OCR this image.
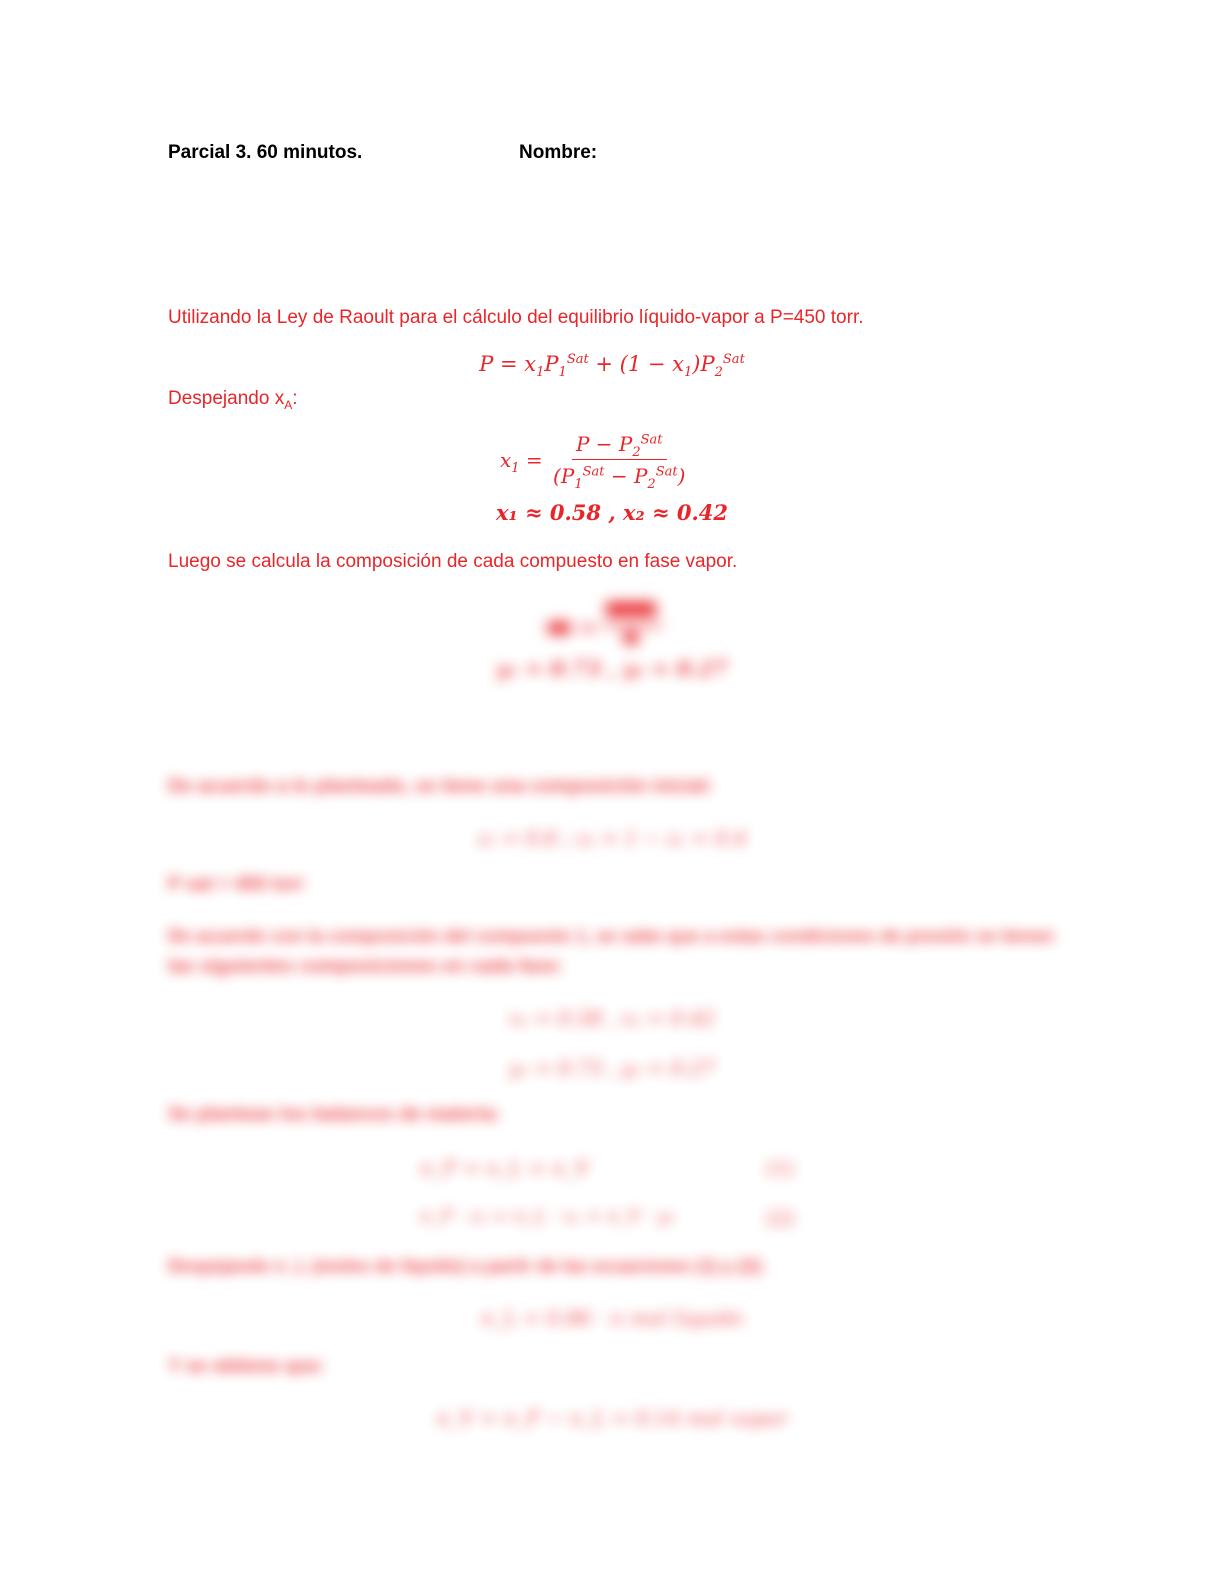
Parcial 3. 60 minutos.	Nombre:
Utilizando la Ley de Raoult para el cálculo del equilibrio líquido-vapor a P=450 torr.
$P = x_1P_1^{Sat} + (1 - x_1)P_2^{Sat}$
Despejando $x_A$:
$x_1 = \frac{P - P_2^{Sat}}{(P_1^{Sat} - P_2^{Sat})}$
x₁ ≈ 0.58 , x₂ ≈ 0.42
Luego se calcula la composición de cada compuesto en fase vapor.
y₁ ≈ 0.73 , y₂ ≈ 0.27
De acuerdo a lo planteado, se tiene una composición inicial:
z₁ = 0.6 ; z₂ = 1 − z₁ = 0.4
P sat = 450 torr
De acuerdo con la composición del compuesto 1, se sabe que a estas condiciones de presión se tienen
las siguientes composiciones en cada fase:
x₁ = 0.58 , x₂ = 0.42
y₁ = 0.73 , y₂ = 0.27
Se plantean los balances de materia:
n_F = n_L + n_V	(1)
n_F · z₁ = n_L · x₁ + n_V · y₁	(2)
Despejando n_L (moles de líquido) a partir de las ecuaciones (1) y (2):
n_L = 0.86 · n mol líquido
Y se obtiene que:
n_V = n_F − n_L = 0.14 mol vapor
